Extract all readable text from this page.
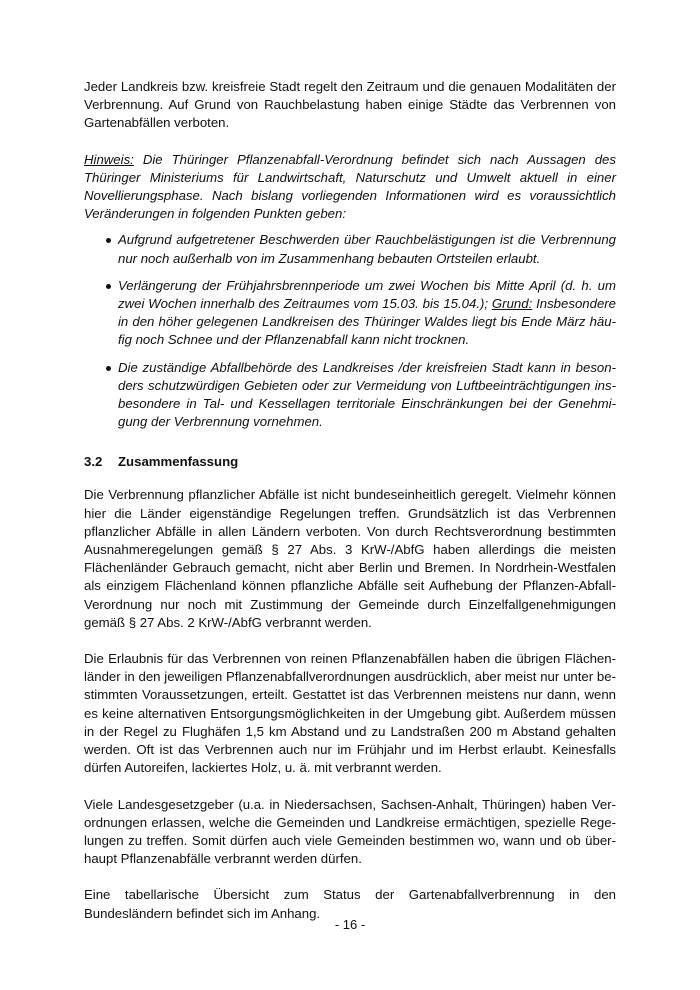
Jeder Landkreis bzw. kreisfreie Stadt regelt den Zeitraum und die genauen Modalitäten der Verbrennung. Auf Grund von Rauchbelastung haben einige Städte das Verbrennen von Gartenabfällen verboten.

Hinweis: Die Thüringer Pflanzenabfall-Verordnung befindet sich nach Aussagen des Thüringer Ministeriums für Landwirtschaft, Naturschutz und Umwelt aktuell in einer Novellierungsphase. Nach bislang vorliegenden Informationen wird es voraussichtlich Veränderungen in folgenden Punkten geben:

Aufgrund aufgetretener Beschwerden über Rauchbelästigungen ist die Verbrennung nur noch außerhalb von im Zusammenhang bebauten Ortsteilen erlaubt.
Verlängerung der Frühjahrsbrennperiode um zwei Wochen bis Mitte April (d. h. um zwei Wochen innerhalb des Zeitraumes vom 15.03. bis 15.04.); Grund: Insbesondere in den höher gelegenen Landkreisen des Thüringer Waldes liegt bis Ende März häufig noch Schnee und der Pflanzenabfall kann nicht trocknen.
Die zuständige Abfallbehörde des Landkreises /der kreisfreien Stadt kann in besonders schutzwürdigen Gebieten oder zur Vermeidung von Luftbeeinträchtigungen insbesondere in Tal- und Kessellagen territoriale Einschränkungen bei der Genehmigung der Verbrennung vornehmen.
3.2 Zusammenfassung

Die Verbrennung pflanzlicher Abfälle ist nicht bundeseinheitlich geregelt. Vielmehr können hier die Länder eigenständige Regelungen treffen. Grundsätzlich ist das Verbrennen pflanzlicher Abfälle in allen Ländern verboten. Von durch Rechtsverordnung bestimmten Ausnahmeregelungen gemäß § 27 Abs. 3 KrW-/AbfG haben allerdings die meisten Flächenländer Gebrauch gemacht, nicht aber Berlin und Bremen. In Nordrhein-Westfalen als einzigem Flächenland können pflanzliche Abfälle seit Aufhebung der Pflanzen-Abfall-Verordnung nur noch mit Zustimmung der Gemeinde durch Einzelfallgenehmigungen gemäß § 27 Abs. 2 KrW-/AbfG verbrannt werden.

Die Erlaubnis für das Verbrennen von reinen Pflanzenabfällen haben die übrigen Flächenländer in den jeweiligen Pflanzenabfallverordnungen ausdrücklich, aber meist nur unter bestimmten Voraussetzungen, erteilt. Gestattet ist das Verbrennen meistens nur dann, wenn es keine alternativen Entsorgungsmöglichkeiten in der Umgebung gibt. Außerdem müssen in der Regel zu Flughäfen 1,5 km Abstand und zu Landstraßen 200 m Abstand gehalten werden. Oft ist das Verbrennen auch nur im Frühjahr und im Herbst erlaubt. Keinesfalls dürfen Autoreifen, lackiertes Holz, u. ä. mit verbrannt werden.

Viele Landesgesetzgeber (u.a. in Niedersachsen, Sachsen-Anhalt, Thüringen) haben Verordnungen erlassen, welche die Gemeinden und Landkreise ermächtigen, spezielle Regelungen zu treffen. Somit dürfen auch viele Gemeinden bestimmen wo, wann und ob überhaupt Pflanzenabfälle verbrannt werden dürfen.

Eine tabellarische Übersicht zum Status der Gartenabfallverbrennung in den Bundesländern befindet sich im Anhang.

- 16 -
